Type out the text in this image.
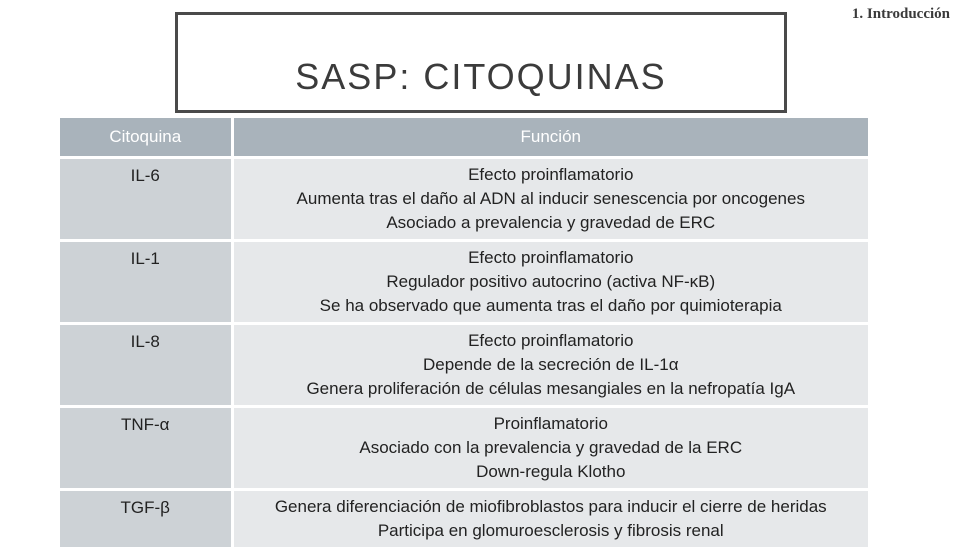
1. Introducción
SASP: CITOQUINAS
Citoquina	Función
IL-6	Efecto proinflamatorio
Aumenta tras el daño al ADN al inducir senescencia por oncogenes
Asociado a prevalencia y gravedad de ERC

IL-1	Efecto proinflamatorio
Regulador positivo autocrino (activa NF-κB)
Se ha observado que aumenta tras el daño por quimioterapia

IL-8	Efecto proinflamatorio
Depende de la secreción de IL-1α
Genera proliferación de células mesangiales en la nefropatía IgA

TNF-α	Proinflamatorio
Asociado con la prevalencia y gravedad de la ERC
Down-regula Klotho

TGF-β	Genera diferenciación de miofibroblastos para inducir el cierre de heridas
Participa en glomuroesclerosis y fibrosis renal
